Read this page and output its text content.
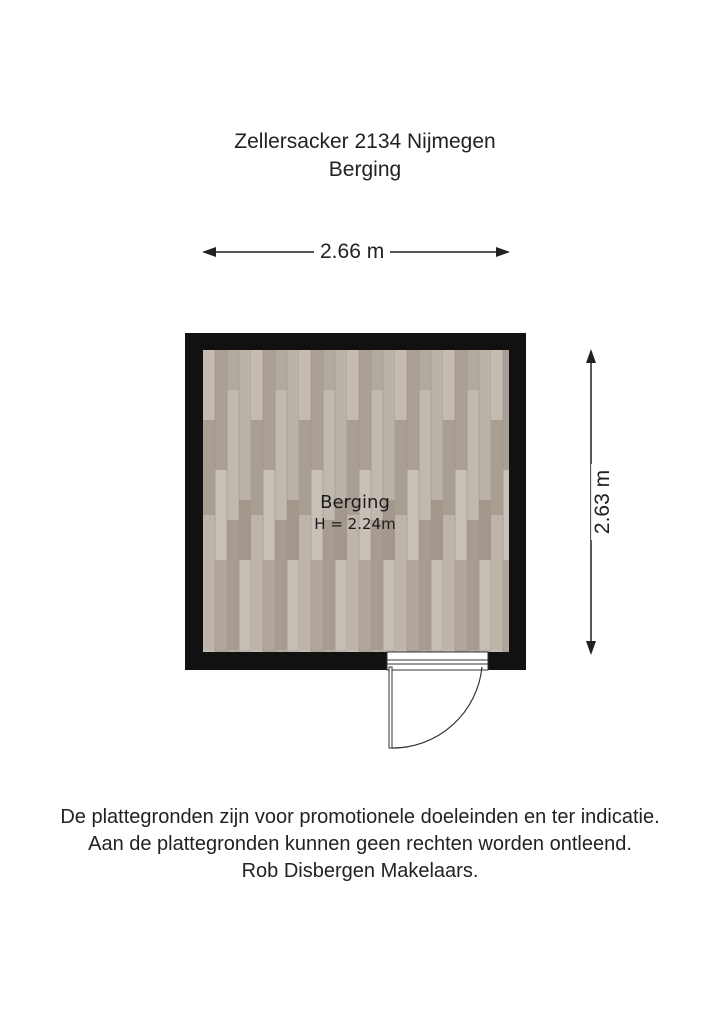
Zellersacker 2134 Nijmegen
Berging
2.66 m
2.63 m
Berging
H = 2.24m
De plattegronden zijn voor promotionele doeleinden en ter indicatie.
Aan de plattegronden kunnen geen rechten worden ontleend.
Rob Disbergen Makelaars.
